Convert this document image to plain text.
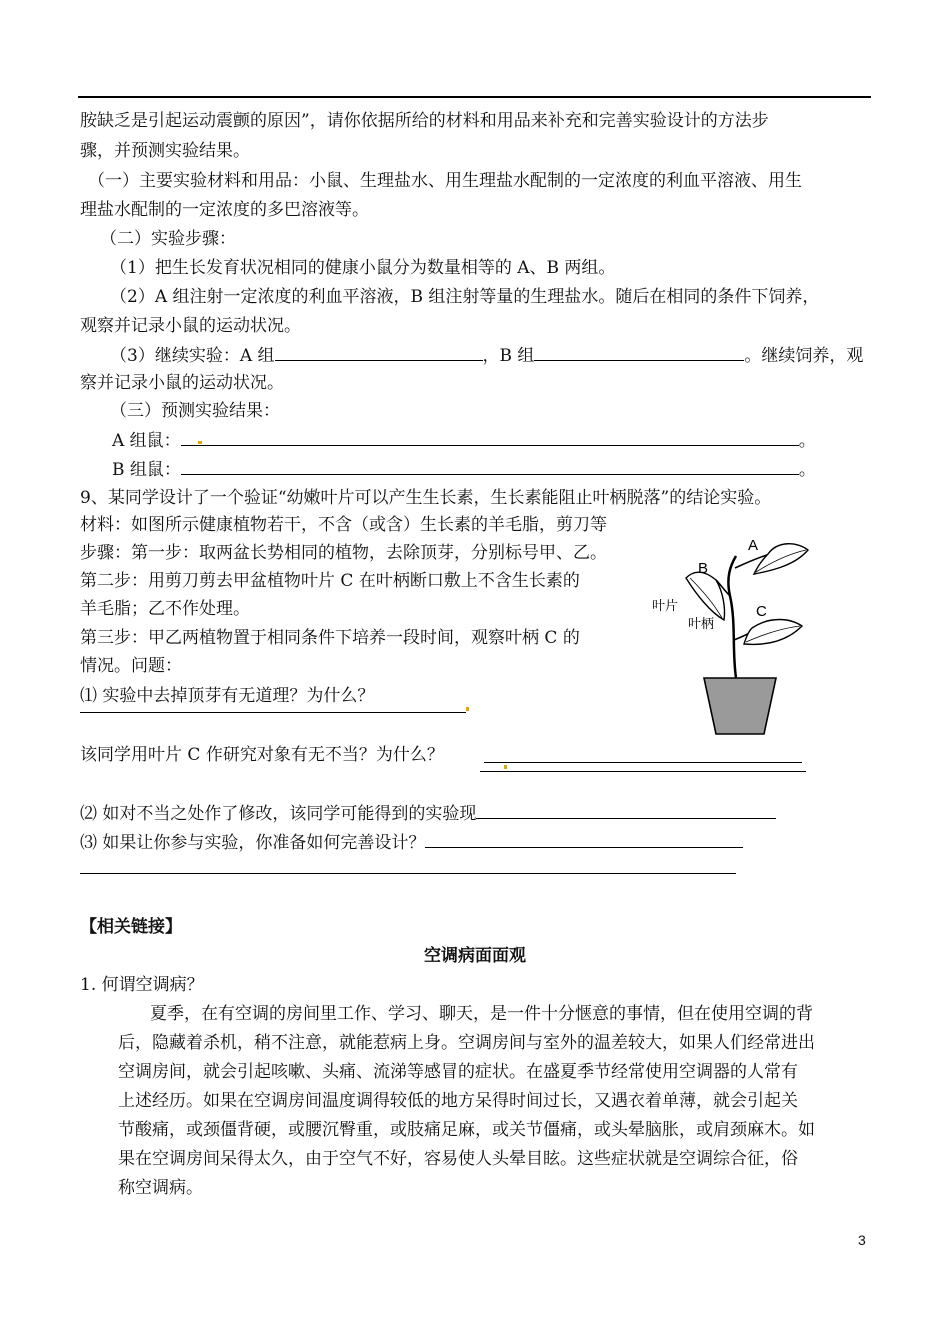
胺缺乏是引起运动震颤的原因”，请你依据所给的材料和用品来补充和完善实验设计的方法步
骤，并预测实验结果。
（一）主要实验材料和用品：小鼠、生理盐水、用生理盐水配制的一定浓度的利血平溶液、用生
理盐水配制的一定浓度的多巴溶液等。
（二）实验步骤：
（1）把生长发育状况相同的健康小鼠分为数量相等的 A、B 两组。
（2）A 组注射一定浓度的利血平溶液，B 组注射等量的生理盐水。随后在相同的条件下饲养，
观察并记录小鼠的运动状况。
（3）继续实验：A 组	，B 组	。继续饲养，观
察并记录小鼠的运动状况。
（三）预测实验结果：
A 组鼠：	。
B 组鼠：	。
9、某同学设计了一个验证“幼嫩叶片可以产生生长素，生长素能阻止叶柄脱落”的结论实验。
材料：如图所示健康植物若干，不含（或含）生长素的羊毛脂，剪刀等
步骤：第一步：取两盆长势相同的植物，去除顶芽，分别标号甲、乙。
第二步：用剪刀剪去甲盆植物叶片 C 在叶柄断口敷上不含生长素的
羊毛脂；乙不作处理。
第三步：甲乙两植物置于相同条件下培养一段时间，观察叶柄 C 的
情况。问题：
⑴ 实验中去掉顶芽有无道理？为什么？
该同学用叶片 C 作研究对象有无不当？为什么？
⑵ 如对不当之处作了修改，该同学可能得到的实验现
⑶ 如果让你参与实验，你准备如何完善设计？
A
B
C
叶片
叶柄
【相关链接】
空调病面面观
1. 何谓空调病？
夏季，在有空调的房间里工作、学习、聊天，是一件十分惬意的事情，但在使用空调的背
后，隐藏着杀机，稍不注意，就能惹病上身。空调房间与室外的温差较大，如果人们经常进出
空调房间，就会引起咳嗽、头痛、流涕等感冒的症状。在盛夏季节经常使用空调器的人常有
上述经历。如果在空调房间温度调得较低的地方呆得时间过长，又遇衣着单薄，就会引起关
节酸痛，或颈僵背硬，或腰沉臀重，或肢痛足麻，或关节僵痛，或头晕脑胀，或肩颈麻木。如
果在空调房间呆得太久，由于空气不好，容易使人头晕目眩。这些症状就是空调综合征，俗
称空调病。
3
